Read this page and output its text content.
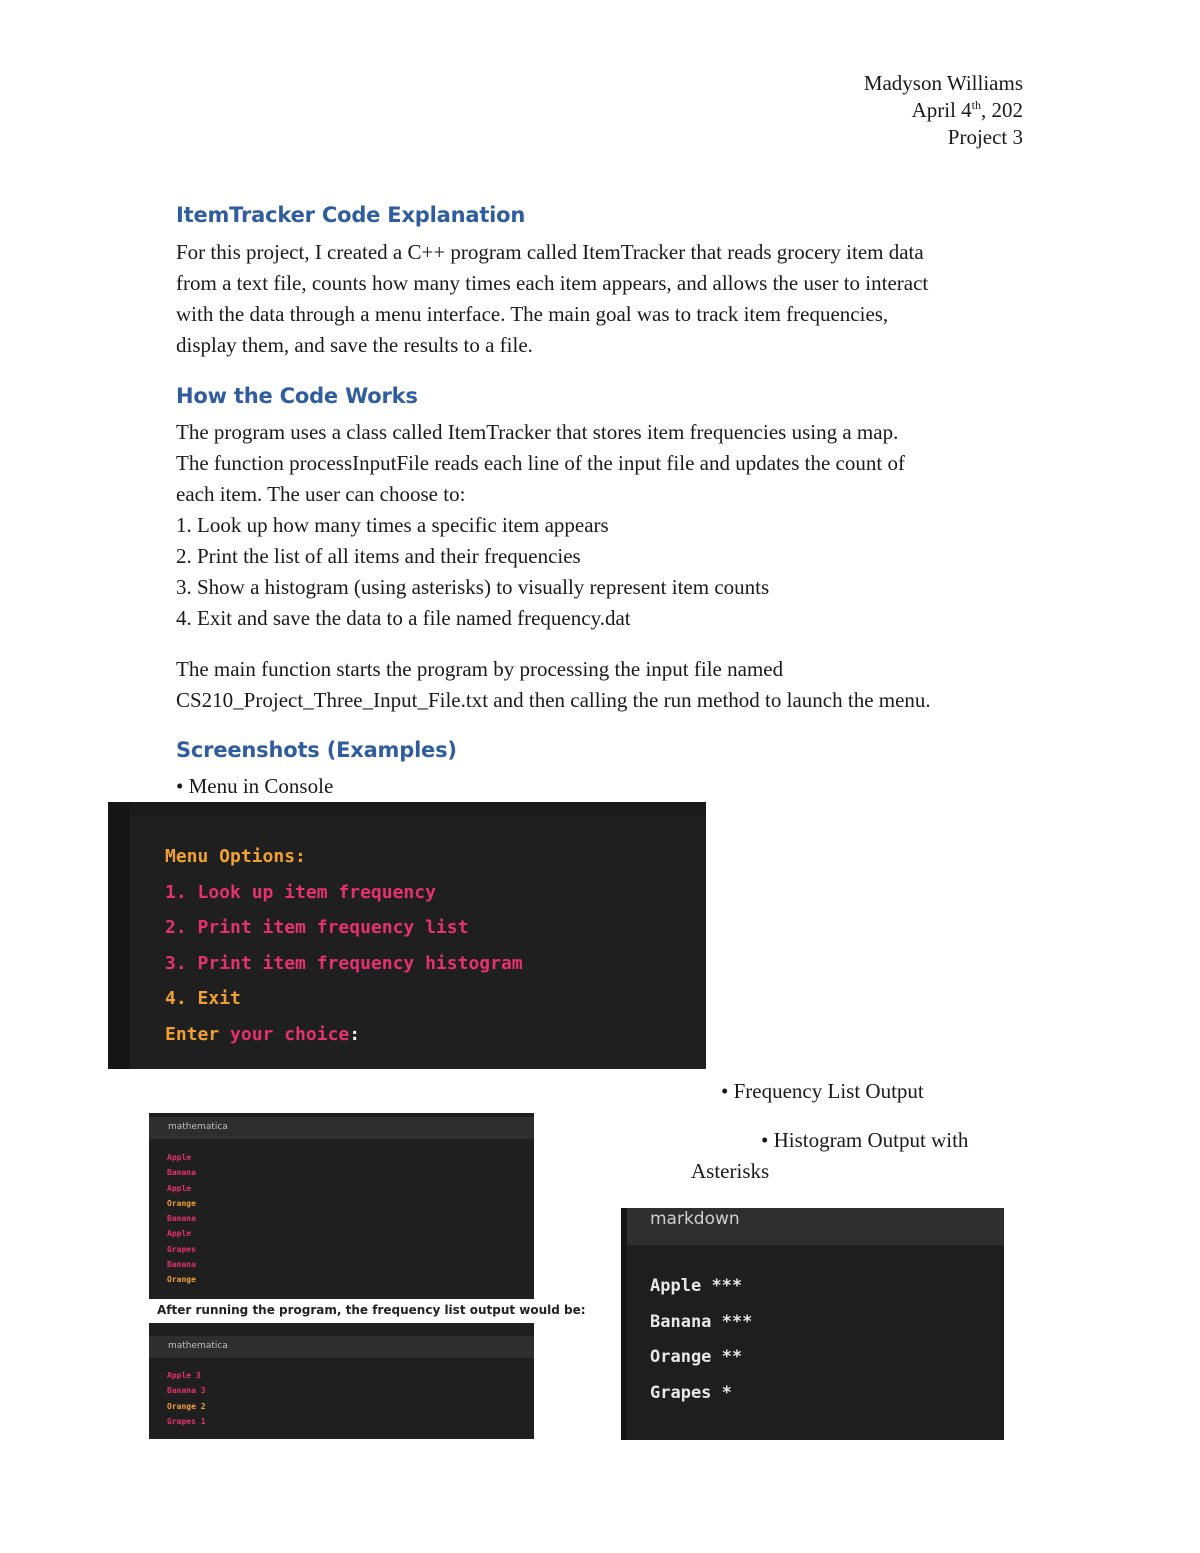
Madyson Williams
April 4th, 202
Project 3
ItemTracker Code Explanation
For this project, I created a C++ program called ItemTracker that reads grocery item data
from a text file, counts how many times each item appears, and allows the user to interact
with the data through a menu interface. The main goal was to track item frequencies,
display them, and save the results to a file.
How the Code Works
The program uses a class called ItemTracker that stores item frequencies using a map.
The function processInputFile reads each line of the input file and updates the count of
each item. The user can choose to:
1. Look up how many times a specific item appears
2. Print the list of all items and their frequencies
3. Show a histogram (using asterisks) to visually represent item counts
4. Exit and save the data to a file named frequency.dat
The main function starts the program by processing the input file named
CS210_Project_Three_Input_File.txt and then calling the run method to launch the menu.
Screenshots (Examples)
• Menu in Console
Menu Options:
1. Look up item frequency
2. Print item frequency list
3. Print item frequency histogram
4. Exit
Enter your choice:
• Frequency List Output
• Histogram Output with
Asterisks
mathematica
Apple
Banana
Apple
Orange
Banana
Apple
Grapes
Banana
Orange
After running the program, the frequency list output would be:
mathematica
Apple 3
Banana 3
Orange 2
Grapes 1
markdown
Apple ***
Banana ***
Orange **
Grapes *
